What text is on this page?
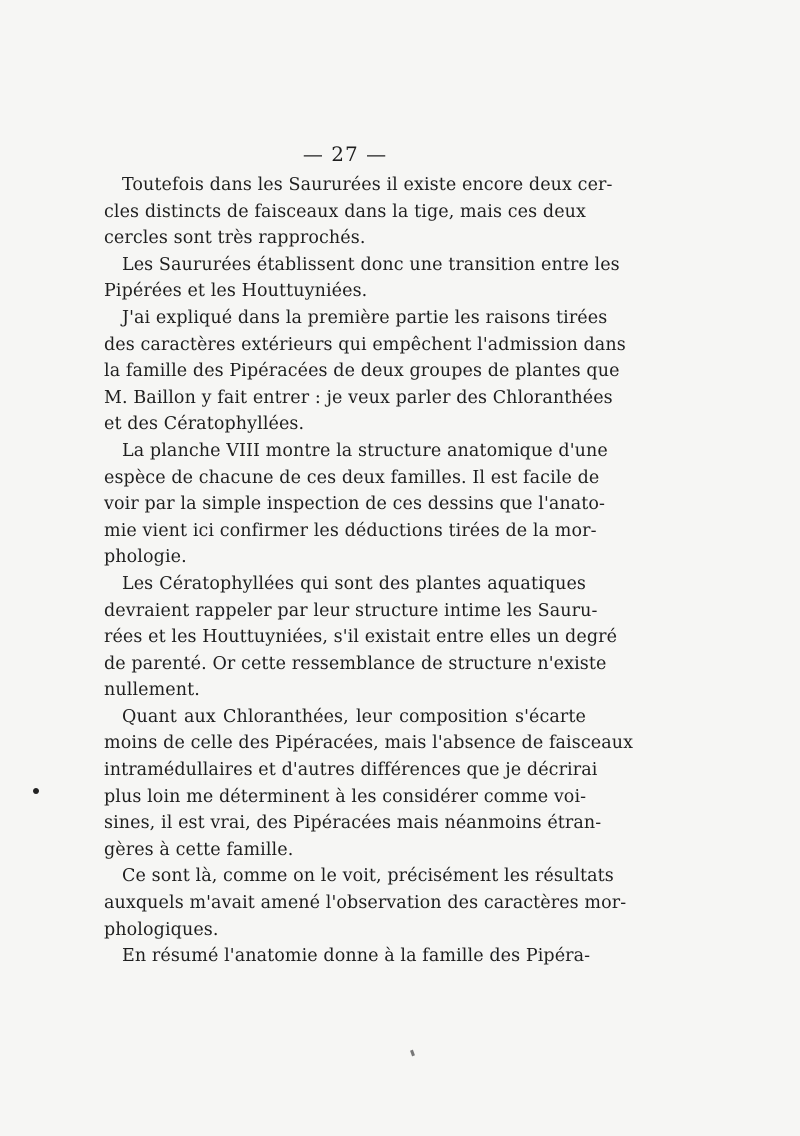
— 27 —
Toutefois dans les Saururées il existe encore deux cer-
cles distincts de faisceaux dans la tige, mais ces deux
cercles sont très rapprochés.
Les Saururées établissent donc une transition entre les
Pipérées et les Houttuyniées.
J'ai expliqué dans la première partie les raisons tirées
des caractères extérieurs qui empêchent l'admission dans
la famille des Pipéracées de deux groupes de plantes que
M. Baillon y fait entrer : je veux parler des Chloranthées
et des Cératophyllées.
La planche VIII montre la structure anatomique d'une
espèce de chacune de ces deux familles. Il est facile de
voir par la simple inspection de ces dessins que l'anato-
mie vient ici confirmer les déductions tirées de la mor-
phologie.
Les Cératophyllées qui sont des plantes aquatiques
devraient rappeler par leur structure intime les Sauru-
rées et les Houttuyniées, s'il existait entre elles un degré
de parenté. Or cette ressemblance de structure n'existe
nullement.
Quant aux Chloranthées, leur composition s'écarte
moins de celle des Pipéracées, mais l'absence de faisceaux
intramédullaires et d'autres différences que je décrirai
plus loin me déterminent à les considérer comme voi-
sines, il est vrai, des Pipéracées mais néanmoins étran-
gères à cette famille.
Ce sont là, comme on le voit, précisément les résultats
auxquels m'avait amené l'observation des caractères mor-
phologiques.
En résumé l'anatomie donne à la famille des Pipéra-
